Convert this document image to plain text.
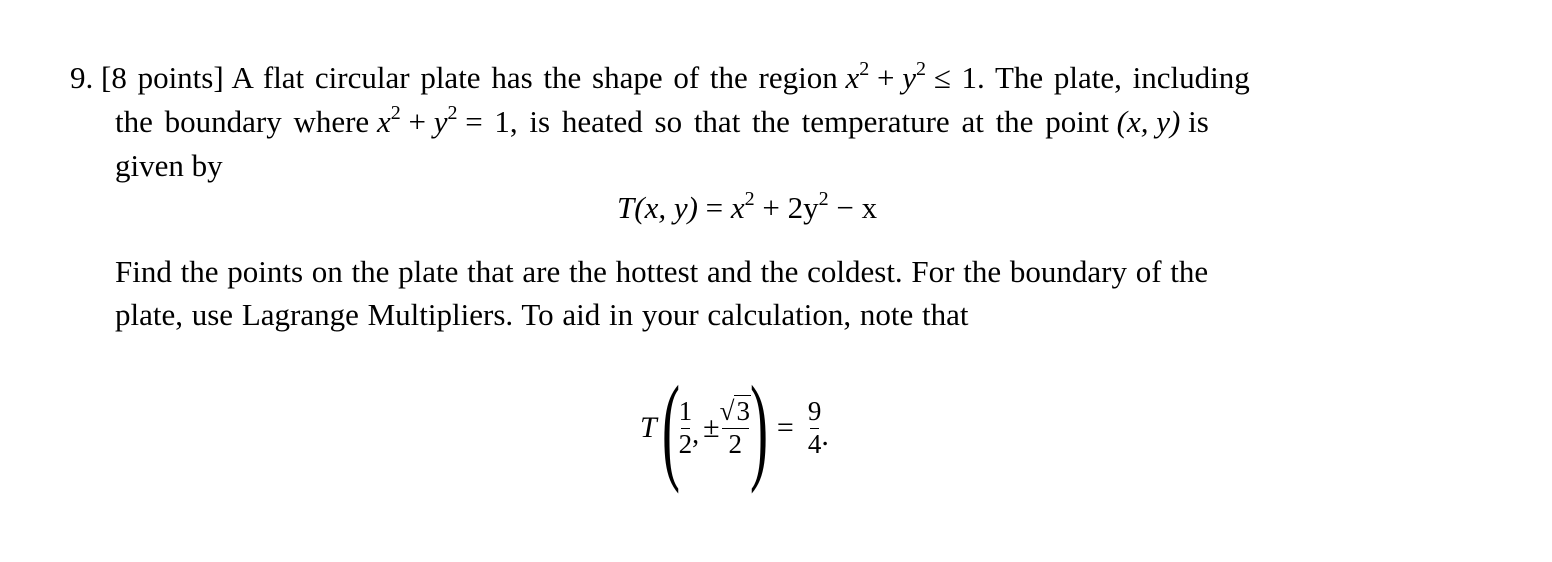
9. [8 points] A flat circular plate has the shape of the region $x^2 + y^2 \le 1$. The plate, including
the boundary where $x^2 + y^2 = 1$, is heated so that the temperature at the point (x, y) is
given by
T(x, $y) = x^2 + 2y^2 - x$
Find the points on the plate that are the hottest and the coldest. For the boundary of the
plate, use Lagrange Multipliers. To aid in your calculation, note that
T (
$\frac{1}{2}$ , ± $\frac{√3}{2}$
) = $\frac{9}{4}$ .
